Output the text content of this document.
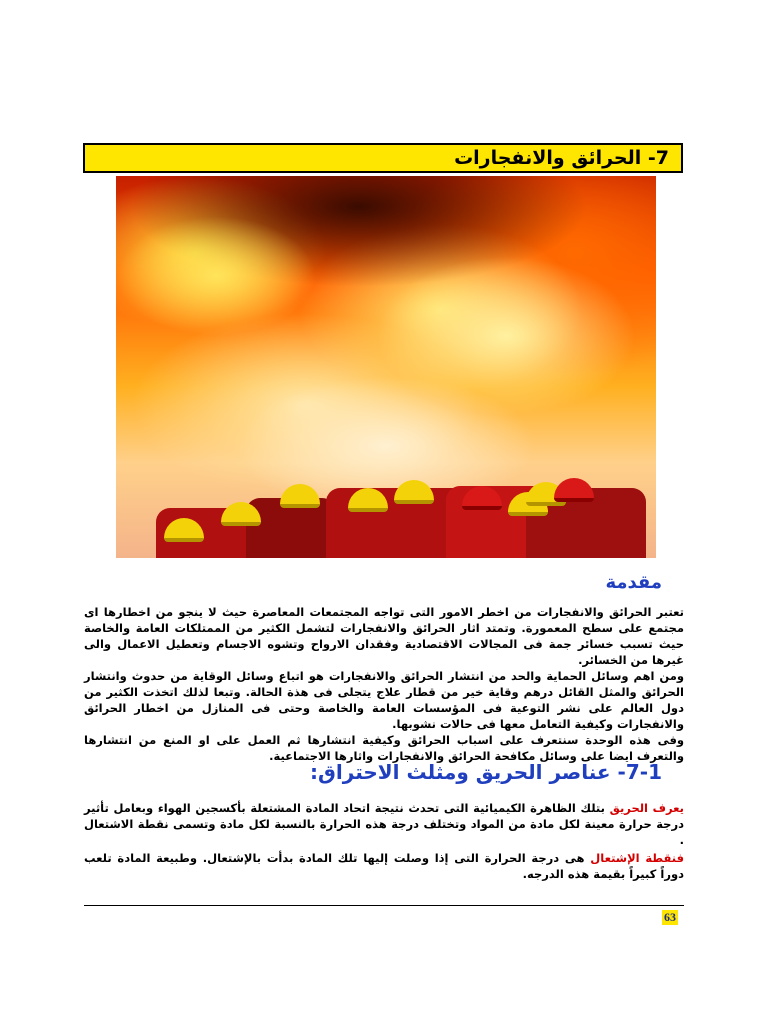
7- الحرائق والانفجارات
مقدمة
تعتبر الحرائق والانفجارات من اخطر الامور التى تواجه المجتمعات المعاصرة حيث لا ينجو من اخطارها اى مجتمع على سطح المعمورة. وتمتد اثار الحرائق والانفجارات لتشمل الكثير من الممتلكات العامة والخاصة حيث تسبب خسائر جمة فى المجالات الاقتصادية وفقدان الارواح وتشوه الاجسام وتعطيل الاعمال والى غيرها من الخسائر.
ومن اهم وسائل الحماية والحد من انتشار الحرائق والانفجارات هو اتباع وسائل الوقاية من حدوث وانتشار الحرائق والمثل القائل درهم وقاية خير من قطار علاج يتجلى فى هذة الحالة. وتبعا لذلك اتخذت الكثير من دول العالم على نشر التوعية فى المؤسسات العامة والخاصة وحتى فى المنازل من اخطار الحرائق والانفجارات وكيفية التعامل معها فى حالات نشوبها.
وفى هذه الوحدة سنتعرف على اسباب الحرائق وكيفية انتشارها ثم العمل على او المنع من انتشارها والتعرف ايضا على وسائل مكافحة الحرائق والانفجارات واثارها الاجتماعية.
7-1- عناصر الحريق ومثلث الاحتراق:
يعرف الحريق بتلك الظاهرة الكيميائية التى تحدث نتيجة اتحاد المادة المشتعلة بأكسجين الهواء وبعامل تأثير درجة حرارة معينة لكل مادة من المواد وتختلف درجة هذه الحرارة بالنسبة لكل مادة وتسمى نقطة الاشتعال .
فنقطة الإشتعال هى درجة الحرارة التى إذا وصلت إليها تلك المادة بدأت بالإشتعال. وطبيعة المادة تلعب دوراً كبيراً بقيمة هذه الدرجه.
63
